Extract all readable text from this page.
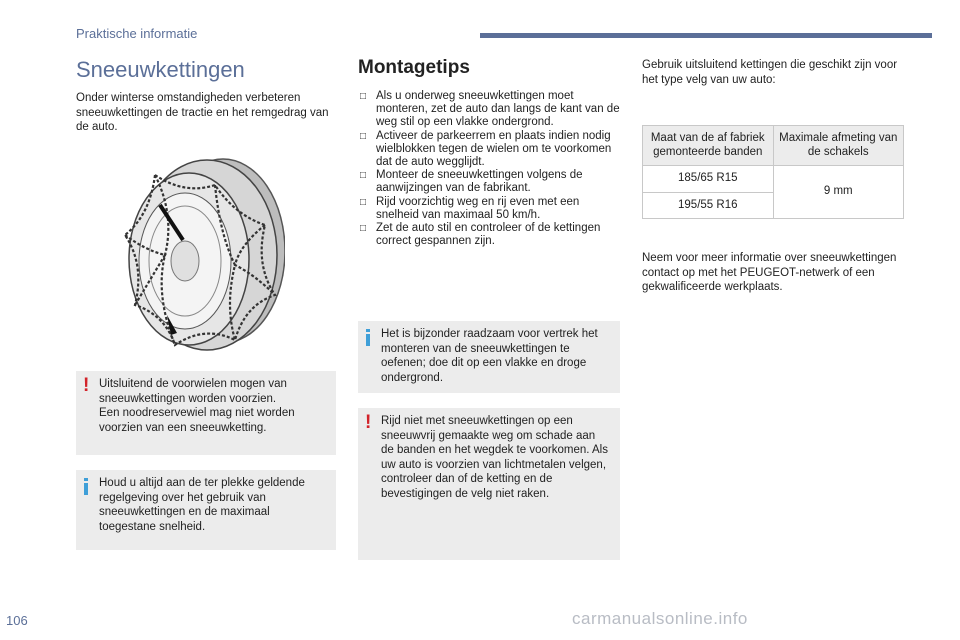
Praktische informatie
Sneeuwkettingen

Onder winterse omstandigheden verbeteren sneeuwkettingen de tractie en het remgedrag van de auto.

! Uitsluitend de voorwielen mogen van sneeuwkettingen worden voorzien.
Een noodreservewiel mag niet worden voorzien van een sneeuwketting.
Houd u altijd aan de ter plekke geldende regelgeving over het gebruik van sneeuwkettingen en de maximaal toegestane snelheid.
Montagetips
□ Als u onderweg sneeuwkettingen moet monteren, zet de auto dan langs de kant van de weg stil op een vlakke ondergrond.
□ Activeer de parkeerrem en plaats indien nodig wielblokken tegen de wielen om te voorkomen dat de auto wegglijdt.
□ Monteer de sneeuwkettingen volgens de aanwijzingen van de fabrikant.
□ Rijd voorzichtig weg en rij even met een snelheid van maximaal 50 km/h.
□ Zet de auto stil en controleer of de kettingen correct gespannen zijn.
Het is bijzonder raadzaam voor vertrek het monteren van de sneeuwkettingen te oefenen; doe dit op een vlakke en droge ondergrond.
! Rijd niet met sneeuwkettingen op een sneeuwvrij gemaakte weg om schade aan de banden en het wegdek te voorkomen. Als uw auto is voorzien van lichtmetalen velgen, controleer dan of de ketting en de bevestigingen de velg niet raken.

Gebruik uitsluitend kettingen die geschikt zijn voor het type velg van uw auto:

Maat van de af fabriek gemonteerde banden	Maximale afmeting van de schakels
185/65 R15	9 mm
195/55 R16	

Neem voor meer informatie over sneeuwkettingen contact op met het PEUGEOT-netwerk of een gekwalificeerde werkplaats.

106	carmanualsonline.info
